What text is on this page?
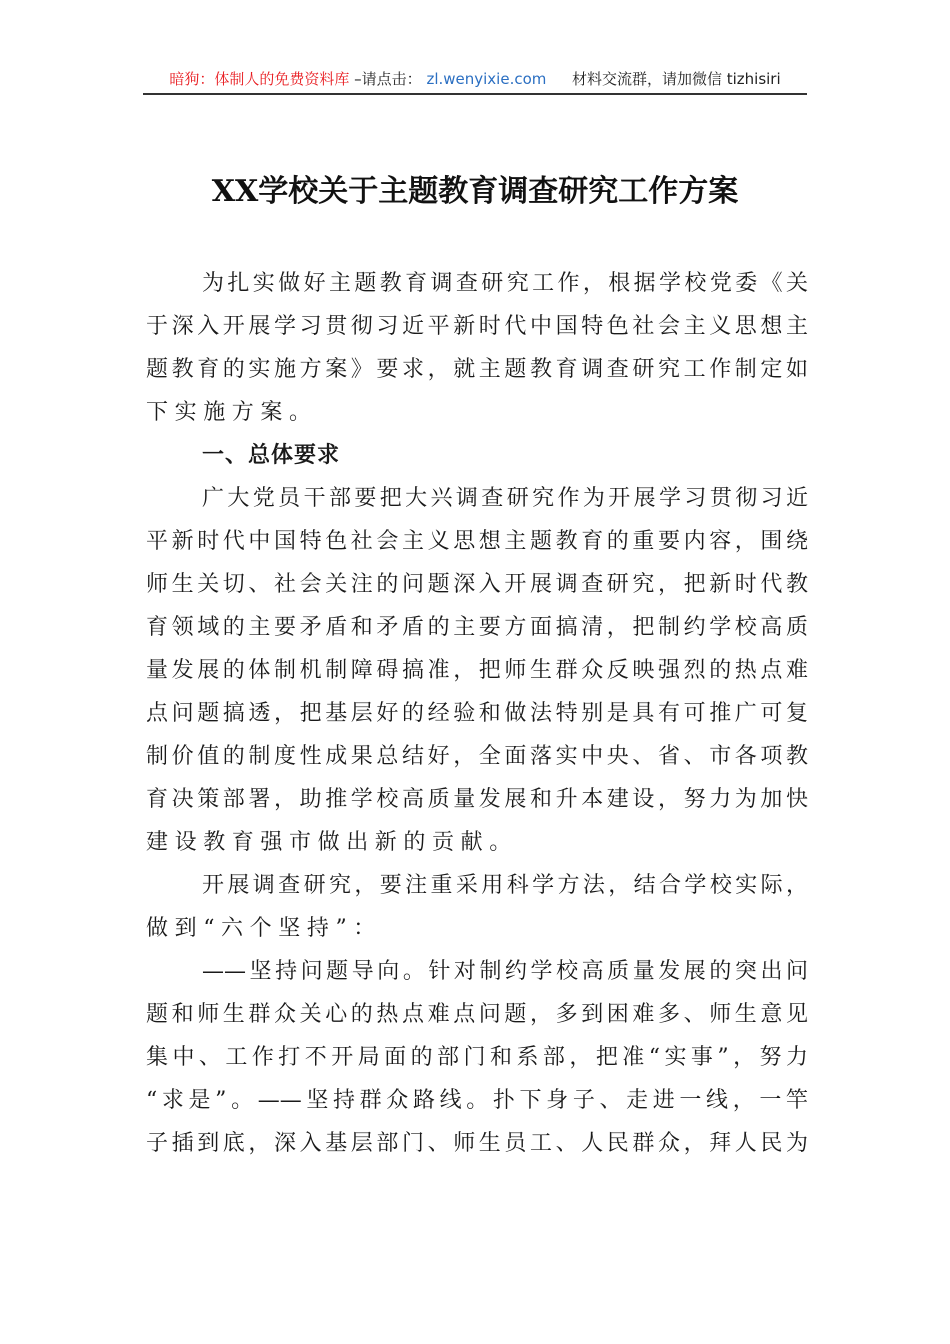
暗狗：体制人的免费资料库 –请点击： zl.wenyixie.com 材料交流群，请加微信 tizhisiri
XX学校关于主题教育调查研究工作方案
为扎实做好主题教育调查研究工作，根据学校党委《关
于深入开展学习贯彻习近平新时代中国特色社会主义思想主
题教育的实施方案》要求，就主题教育调查研究工作制定如
下实施方案。
一、总体要求
广大党员干部要把大兴调查研究作为开展学习贯彻习近
平新时代中国特色社会主义思想主题教育的重要内容，围绕
师生关切、社会关注的问题深入开展调查研究，把新时代教
育领域的主要矛盾和矛盾的主要方面搞清，把制约学校高质
量发展的体制机制障碍搞准，把师生群众反映强烈的热点难
点问题搞透，把基层好的经验和做法特别是具有可推广可复
制价值的制度性成果总结好，全面落实中央、省、市各项教
育决策部署，助推学校高质量发展和升本建设，努力为加快
建设教育强市做出新的贡献。
开展调查研究，要注重采用科学方法，结合学校实际，
做到“六个坚持”：
——坚持问题导向。针对制约学校高质量发展的突出问
题和师生群众关心的热点难点问题，多到困难多、师生意见
集中、工作打不开局面的部门和系部，把准“实事”，努力
“求是”。——坚持群众路线。扑下身子、走进一线，一竿
子插到底，深入基层部门、师生员工、人民群众，拜人民为
